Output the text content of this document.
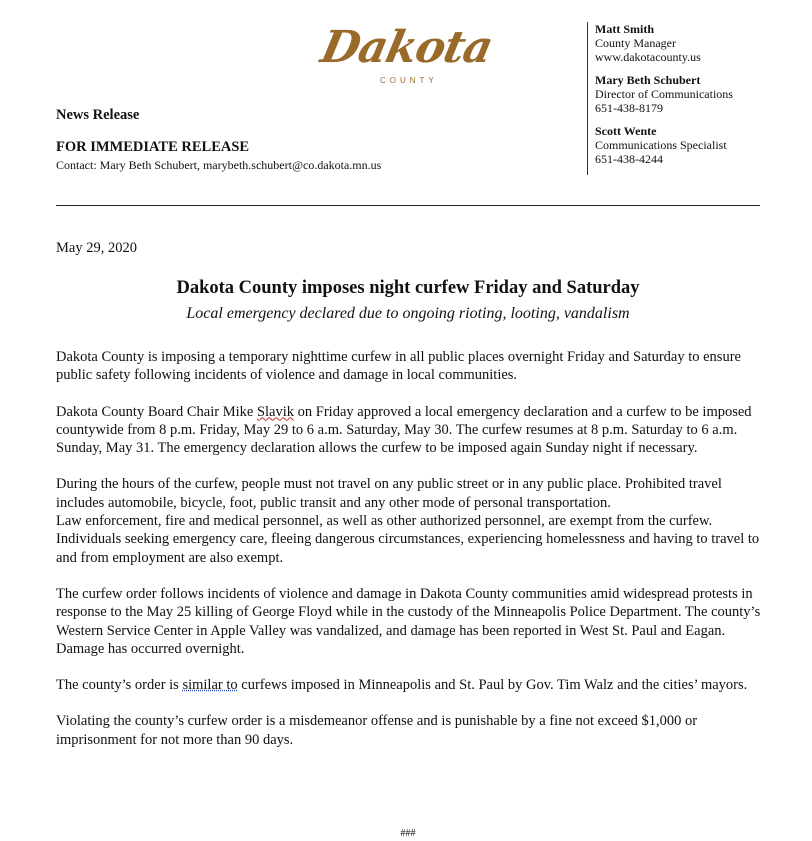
Dakota
COUNTY
Matt Smith
County Manager
www.dakotacounty.us
Mary Beth Schubert
Director of Communications
651-438-8179
Scott Wente
Communications Specialist
651-438-4244
News Release
FOR IMMEDIATE RELEASE
Contact: Mary Beth Schubert, marybeth.schubert@co.dakota.mn.us
May 29, 2020
Dakota County imposes night curfew Friday and Saturday
Local emergency declared due to ongoing rioting, looting, vandalism

Dakota County is imposing a temporary nighttime curfew in all public places overnight Friday and Saturday to ensure public safety following incidents of violence and damage in local communities.

Dakota County Board Chair Mike Slavik on Friday approved a local emergency declaration and a curfew to be imposed countywide from 8 p.m. Friday, May 29 to 6 a.m. Saturday, May 30. The curfew resumes at 8 p.m. Saturday to 6 a.m. Sunday, May 31. The emergency declaration allows the curfew to be imposed again Sunday night if necessary.

During the hours of the curfew, people must not travel on any public street or in any public place. Prohibited travel includes automobile, bicycle, foot, public transit and any other mode of personal transportation.
Law enforcement, fire and medical personnel, as well as other authorized personnel, are exempt from the curfew. Individuals seeking emergency care, fleeing dangerous circumstances, experiencing homelessness and having to travel to and from employment are also exempt.

The curfew order follows incidents of violence and damage in Dakota County communities amid widespread protests in response to the May 25 killing of George Floyd while in the custody of the Minneapolis Police Department. The county’s Western Service Center in Apple Valley was vandalized, and damage has been reported in West St. Paul and Eagan. Damage has occurred overnight.

The county’s order is similar to curfews imposed in Minneapolis and St. Paul by Gov. Tim Walz and the cities’ mayors.

Violating the county’s curfew order is a misdemeanor offense and is punishable by a fine not exceed $1,000 or imprisonment for not more than 90 days.

###
